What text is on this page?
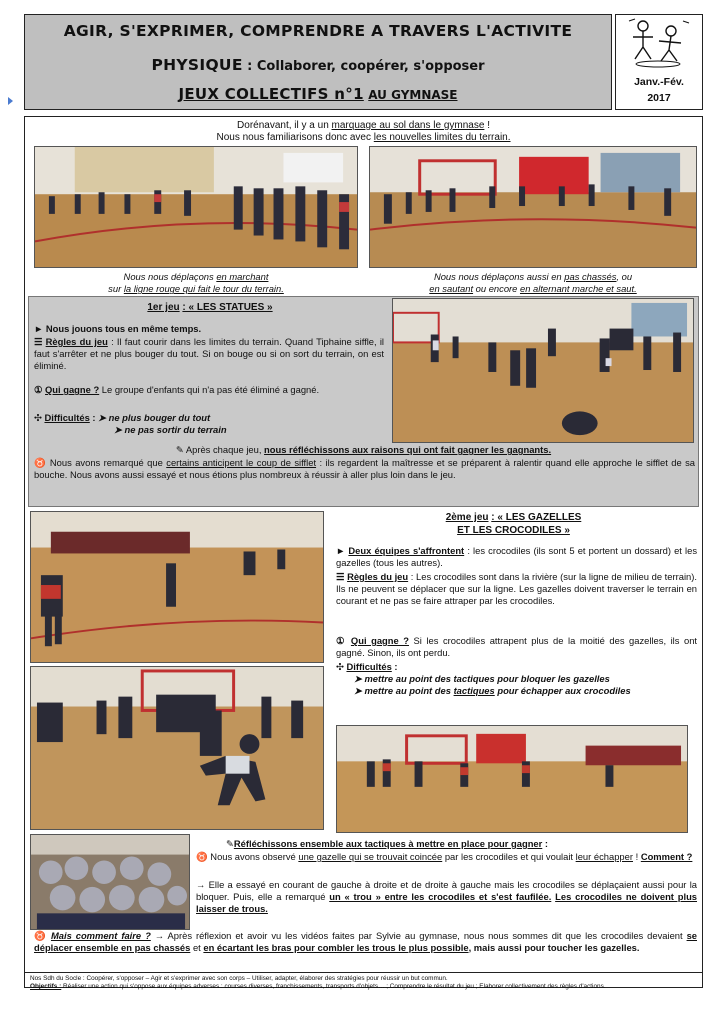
AGIR, S'EXPRIMER, COMPRENDRE A TRAVERS L'ACTIVITE
PHYSIQUE : Collaborer, coopérer, s'opposer
JEUX COLLECTIFS n°1 AU GYMNASE
Janv.-Fév.
2017
Dorénavant, il y a un marquage au sol dans le gymnase !
Nous nous familiarisons donc avec les nouvelles limites du terrain.
Nous nous déplaçons en marchant
sur la ligne rouge qui fait le tour du terrain.
Nous nous déplaçons aussi en pas chassés, ou
en sautant ou encore en alternant marche et saut.
1er jeu : « LES STATUES »
► Nous jouons tous en même temps.
☰ Règles du jeu : Il faut courir dans les limites du terrain. Quand Tiphaine siffle, il faut s'arrêter et ne plus bouger du tout. Si on bouge ou si on sort du terrain, on est éliminé.
① Qui gagne ? Le groupe d'enfants qui n'a pas été éliminé a gagné.
✣ Difficultés : ➤ ne plus bouger du tout
➤ ne pas sortir du terrain
✎ Après chaque jeu, nous réfléchissons aux raisons qui ont fait gagner les gagnants.
♉ Nous avons remarqué que certains anticipent le coup de sifflet : ils regardent la maîtresse et se préparent à ralentir quand elle approche le sifflet de sa bouche. Nous avons aussi essayé et nous étions plus nombreux à réussir à aller plus loin dans le jeu.
2ème jeu : « LES GAZELLES
ET LES CROCODILES »
► Deux équipes s'affrontent : les crocodiles (ils sont 5 et portent un dossard) et les gazelles (tous les autres).
☰ Règles du jeu : Les crocodiles sont dans la rivière (sur la ligne de milieu de terrain). Ils ne peuvent se déplacer que sur la ligne. Les gazelles doivent traverser le terrain en courant et ne pas se faire attraper par les crocodiles.
① Qui gagne ? Si les crocodiles attrapent plus de la moitié des gazelles, ils ont gagné. Sinon, ils ont perdu.
✣ Difficultés :
➤ mettre au point des tactiques pour bloquer les gazelles
➤ mettre au point des tactiques pour échapper aux crocodiles
✎Réfléchissons ensemble aux tactiques à mettre en place pour gagner :
♉ Nous avons observé une gazelle qui se trouvait coincée par les crocodiles et qui voulait leur échapper ! Comment ?
→ Elle a essayé en courant de gauche à droite et de droite à gauche mais les crocodiles se déplaçaient aussi pour la bloquer. Puis, elle a remarqué un « trou » entre les crocodiles et s'est faufilée. Les crocodiles ne doivent plus laisser de trous.
♉ Mais comment faire ? → Après réflexion et avoir vu les vidéos faites par Sylvie au gymnase, nous nous sommes dit que les crocodiles devaient se déplacer ensemble en pas chassés et en écartant les bras pour combler les trous le plus possible, mais aussi pour toucher les gazelles.
Nos Sdh du Socle : Coopérer, s'opposer – Agir et s'exprimer avec son corps – Utiliser, adapter, élaborer des stratégies pour réussir un but commun.
Objectifs : Réaliser une action qui s'oppose aux équipes adverses : courses diverses, franchissements, transports d'objets… ; Comprendre le résultat du jeu ; Elaborer collectivement des règles d'actions.
